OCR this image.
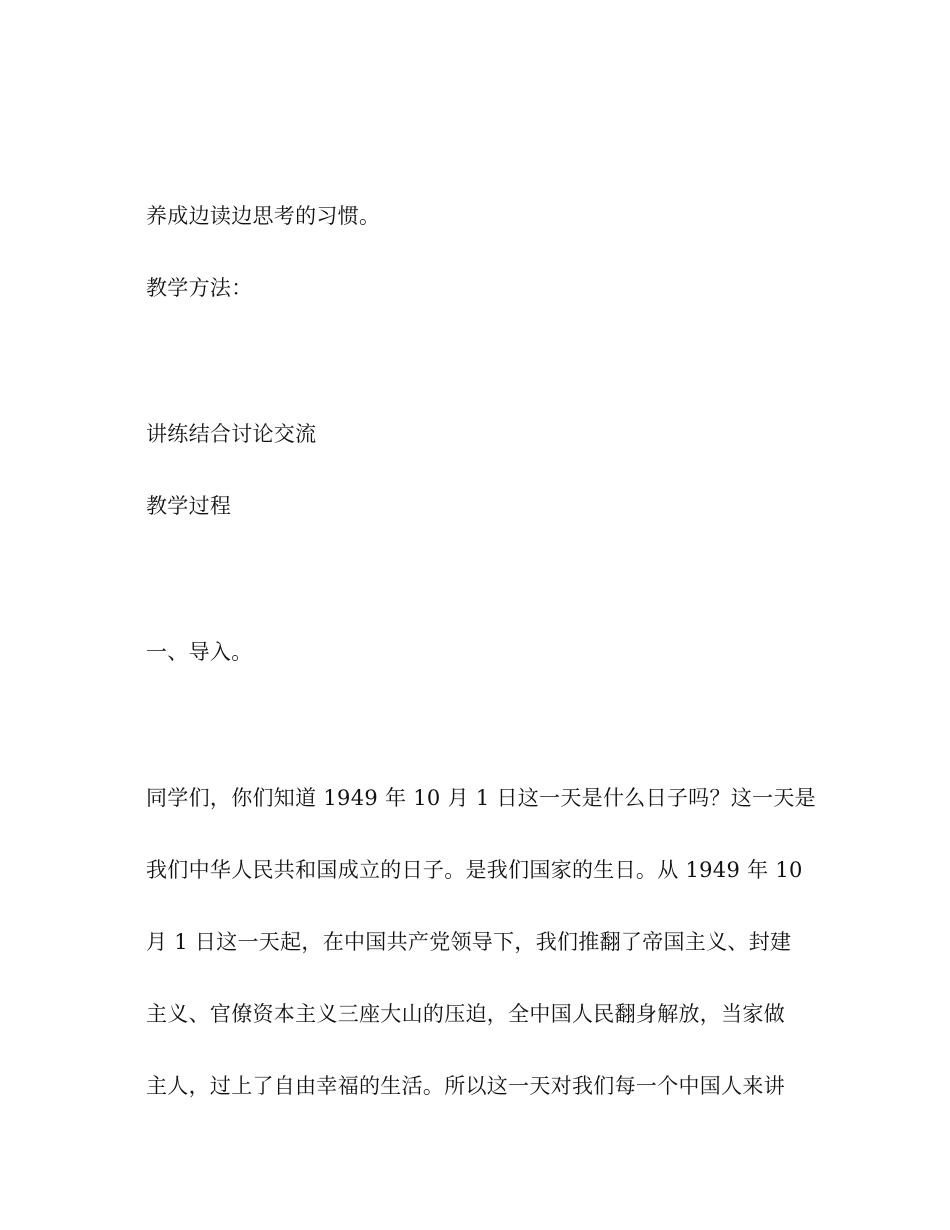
养成边读边思考的习惯。
教学方法：
讲练结合讨论交流
教学过程
一、导入。
同学们，你们知道 1949 年 10 月 1 日这一天是什么日子吗？这一天是
我们中华人民共和国成立的日子。是我们国家的生日。从 1949 年 10
月 1 日这一天起，在中国共产党领导下，我们推翻了帝国主义、封建
主义、官僚资本主义三座大山的压迫，全中国人民翻身解放，当家做
主人，过上了自由幸福的生活。所以这一天对我们每一个中国人来讲
